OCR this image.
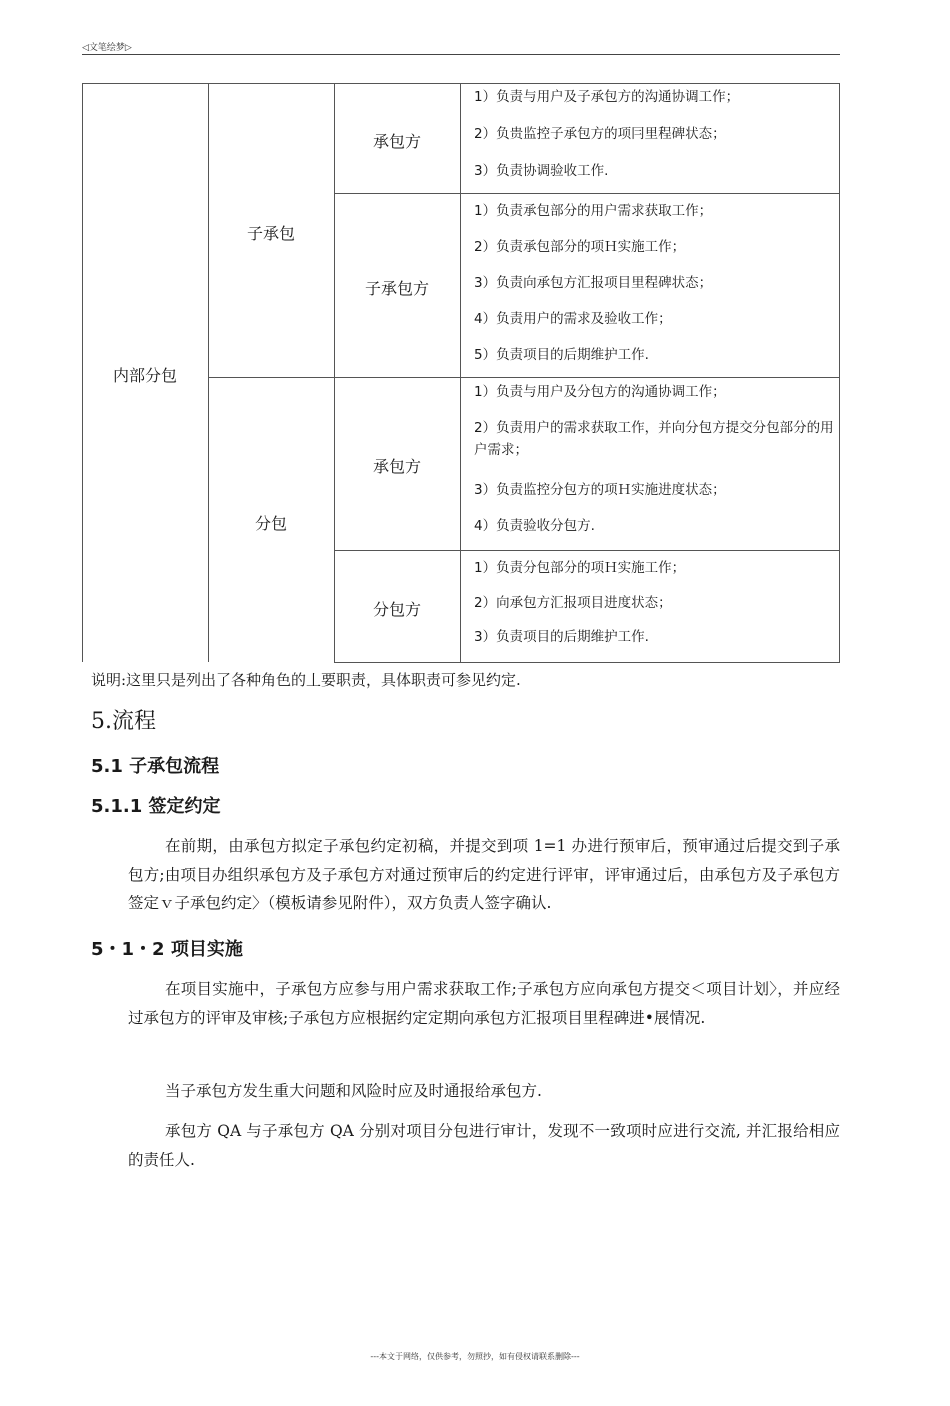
◁文笔绘梦▷
内部分包
子承包
分包
承包方
子承包方
承包方
分包方
1）负责与用户及子承包方的沟通协调工作；
2）负贵监控子承包方的项冃里程碑状态；
3）负责协调验收工作.
1）负责承包部分的用户需求获取工作；
2）负责承包部分的项Ｈ实施工作；
3）负责向承包方汇报项目里程碑状态；
4）负责用户的需求及验收工作；
5）负责项目的后期维护工作.
1）负责与用户及分包方的沟通协调工作；
2）负责用户的需求获取工作，并向分包方提交分包部分的用户需求；
3）负责监控分包方的项Ｈ实施进度状态；
4）负责验收分包方.
1）负责分包部分的项Ｈ实施工作；
2）向承包方汇报项目进度状态；
3）负责项目的后期维护工作.
说明:这里只是列出了各种角色的丄要职责，具体职责可参见约定.
5.流程
5.1 子承包流程
5.1.1 签定约定
在前期，由承包方拟定子承包约定初稿，并提交到项 1=1 办进行预审后，预审通过后提交到子承包方;由项目办组织承包方及子承包方对通过预审后的约定进行评审，评审通过后，由承包方及子承包方签定ｖ子承包约定〉（模板请参见附件），双方负责人签字确认.
5・1・2 项目实施
在项目实施中，子承包方应参与用户需求获取工作;子承包方应向承包方提交＜项目计划〉，并应经过承包方的评审及审核;子承包方应根据约定定期向承包方汇报项目里程碑进•展情况.
当子承包方发生重大问题和风险时应及时通报给承包方.
承包方 QA 与子承包方 QA 分别对项目分包进行审计，发现不一致项时应进行交流, 并汇报给相应的责任人.
---本文于网络，仅供参考，勿照抄，如有侵权请联系删除---
